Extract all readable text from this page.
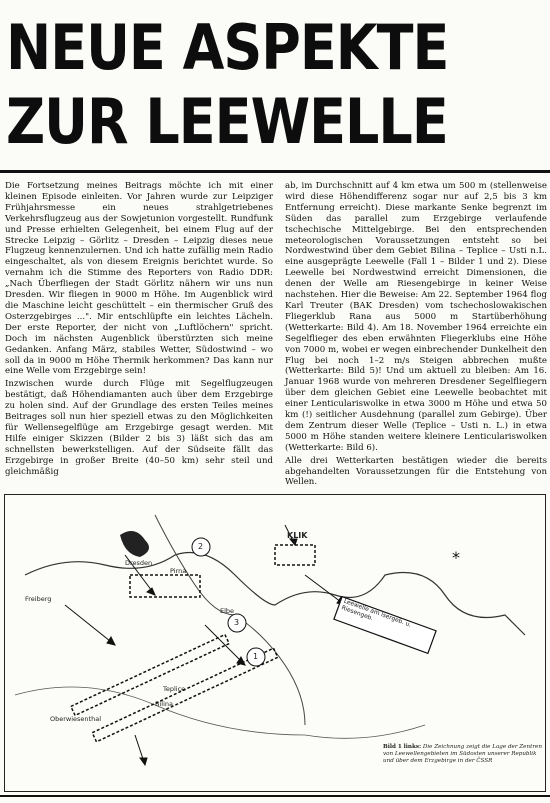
NEUE ASPEKTE
ZUR LEEWELLE

Die Fortsetzung meines Beitrags möchte ich mit einer kleinen Episode einleiten. Vor Jahren wurde zur Leipziger Frühjahrsmesse ein neues strahlgetriebenes Verkehrsflugzeug aus der Sowjetunion vorgestellt. Rundfunk und Presse erhielten Gelegenheit, bei einem Flug auf der Strecke Leipzig – Görlitz – Dresden – Leipzig dieses neue Flugzeug kennenzulernen. Und ich hatte zufällig mein Radio eingeschaltet, als von diesem Ereignis berichtet wurde. So vernahm ich die Stimme des Reporters von Radio DDR: „Nach Überfliegen der Stadt Görlitz nähern wir uns nun Dresden. Wir fliegen in 9000 m Höhe. Im Augenblick wird die Maschine leicht geschüttelt – ein thermischer Gruß des Osterzgebirges ...". Mir entschlüpfte ein leichtes Lächeln. Der erste Reporter, der nicht von „Luftlöchern" spricht. Doch im nächsten Augenblick überstürzten sich meine Gedanken. Anfang März, stabiles Wetter, Südostwind – wo soll da in 9000 m Höhe Thermik herkommen? Das kann nur eine Welle vom Erzgebirge sein!

Inzwischen wurde durch Flüge mit Segelflugzeugen bestätigt, daß Höhendiamanten auch über dem Erzgebirge zu holen sind. Auf der Grundlage des ersten Teiles meines Beitrages soll nun hier speziell etwas zu den Möglichkeiten für Wellensegelflüge am Erzgebirge gesagt werden. Mit Hilfe einiger Skizzen (Bilder 2 bis 3) läßt sich das am schnellsten bewerkstelligen. Auf der Südseite fällt das Erzgebirge in großer Breite (40–50 km) sehr steil und gleichmäßig

ab, im Durchschnitt auf 4 km etwa um 500 m (stellenweise wird diese Höhendifferenz sogar nur auf 2,5 bis 3 km Entfernung erreicht). Diese markante Senke begrenzt im Süden das parallel zum Erzgebirge verlaufende tschechische Mittelgebirge. Bei den entsprechenden meteorologischen Voraussetzungen entsteht so bei Nordwestwind über dem Gebiet Bilina – Teplice – Usti n.L. eine ausgeprägte Leewelle (Fall 1 – Bilder 1 und 2). Diese Leewelle bei Nordwestwind erreicht Dimensionen, die denen der Welle am Riesengebirge in keiner Weise nachstehen. Hier die Beweise: Am 22. September 1964 flog Karl Treuter (BAK Dresden) vom tschechoslowakischen Fliegerklub Rana aus 5000 m Startüberhöhung (Wetterkarte: Bild 4). Am 18. November 1964 erreichte ein Segelflieger des eben erwähnten Fliegerklubs eine Höhe von 7000 m, wobei er wegen einbrechender Dunkelheit den Flug bei noch 1–2 m/s Steigen abbrechen mußte (Wetterkarte: Bild 5)! Und um aktuell zu bleiben: Am 16. Januar 1968 wurde von mehreren Dresdener Segelfliegern über dem gleichen Gebiet eine Leewelle beobachtet mit einer Lenticulariswolke in etwa 3000 m Höhe und etwa 50 km (!) seitlicher Ausdehnung (parallel zum Gebirge). Über dem Zentrum dieser Welle (Teplice – Usti n. L.) in etwa 5000 m Höhe standen weitere kleinere Lenticulariswolken (Wetterkarte: Bild 6).

Alle drei Wetterkarten bestätigen wieder die bereits abgehandelten Voraussetzungen für die Entstehung von Wellen.

Freiberg
Oberwiesenthal
Teplice
Bilina
Pirna
Dresden
Elbe
KLIK
Leewelle am Isergeb. u. Riesengeb.
1
2
3
*
Bild 1 links: Die Zeichnung zeigt die Lage der Zentren von Leewellengebieten im Südosten unserer Republik und über dem Erzgebirge in der ČSSR
